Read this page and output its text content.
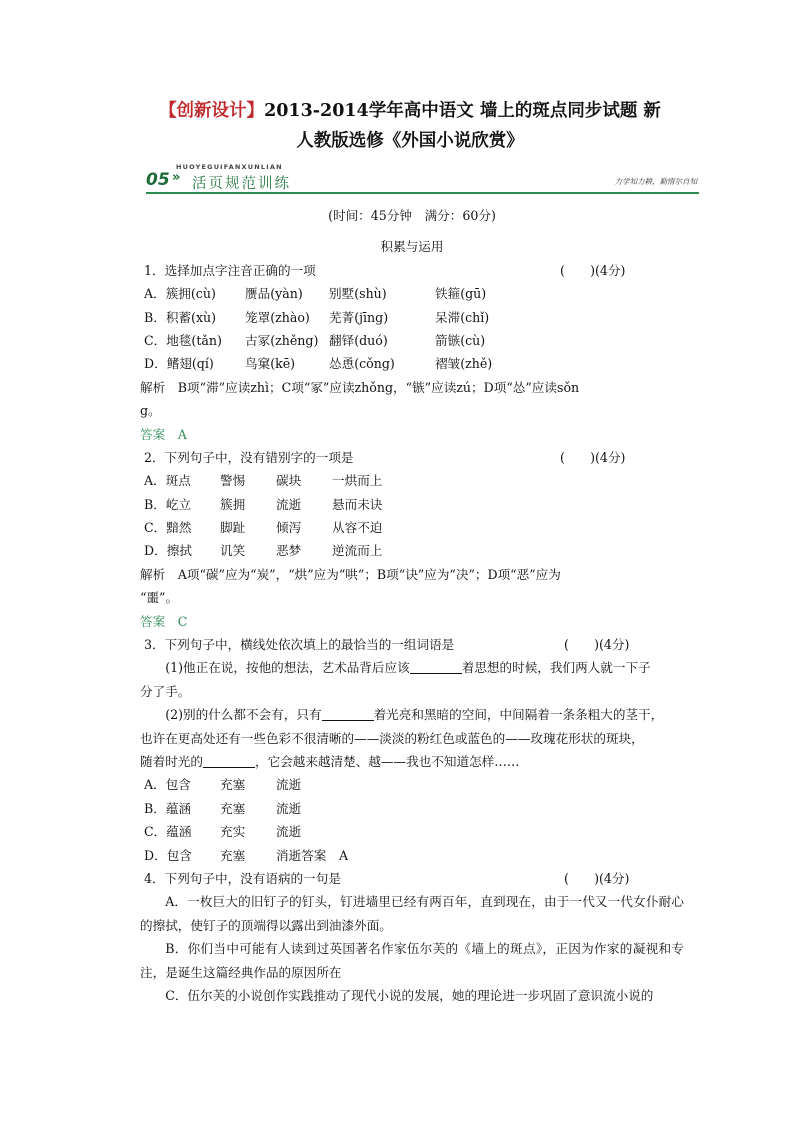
【创新设计】2013-2014学年高中语文 墙上的斑点同步试题 新
人教版选修《外国小说欣赏》
HUOYEGUIFANXUNLIAN
05 » 活页规范训练	力学知力耕，勤惰尔自知
(时间：45分钟　满分：60分)
积累与运用
1．选择加点字注音正确的一项	(　　)(4分)
A．簇拥(cù) 赝品(yàn) 别墅(shù)	铁箍(gū)
B．积蓄(xù) 笼罩(zhào) 芜菁(jīng)	呆滞(chǐ)
C．地毯(tǎn) 古冢(zhěng) 翻铎(duó)	箭镞(cù)
D．鳍翅(qí) 鸟窠(kē)	怂恿(cǒng)	褶皱(zhě)
解析　B项“滞”应读zhì；C项“冢”应读zhǒng，“镞”应读zú；D项“怂”应读sǒn
g。
答案　A
2．下列句子中，没有错别字的一项是	(　　)(4分)
A．斑点 警惕 碳块 一烘而上
B．屹立 簇拥 流逝 悬而未诀
C．黯然 脚趾 倾泻 从容不迫
D．擦拭 讥笑 恶梦 逆流而上
解析　A项“碳”应为“炭”，“烘”应为“哄”；B项“诀”应为“决”；D项“恶”应为
“噩”。
答案　C
3．下列句子中，横线处依次填上的最恰当的一组词语是	(　　)(4分)
(1)他正在说，按他的想法，艺术品背后应该	着思想的时候，我们两人就一下子
分了手。
(2)别的什么都不会有，只有	着光亮和黑暗的空间，中间隔着一条条粗大的茎干，
也许在更高处还有一些色彩不很清晰的——淡淡的粉红色或蓝色的——玫瑰花形状的斑块，
随着时光的	，它会越来越清楚、越——我也不知道怎样……
A．包含 充塞 流逝
B．蕴涵 充塞 流逝
C．蕴涵 充实 流逝
D．包含 充塞 消逝答案　A
4．下列句子中，没有语病的一句是	(　　)(4分)
A．一枚巨大的旧钉子的钉头，钉进墙里已经有两百年，直到现在，由于一代又一代女仆耐心的擦拭，使钉子的顶端得以露出到油漆外面。
B．你们当中可能有人读到过英国著名作家伍尔芙的《墙上的斑点》，正因为作家的凝视和专注，是诞生这篇经典作品的原因所在
C．伍尔芙的小说创作实践推动了现代小说的发展，她的理论进一步巩固了意识流小说的
